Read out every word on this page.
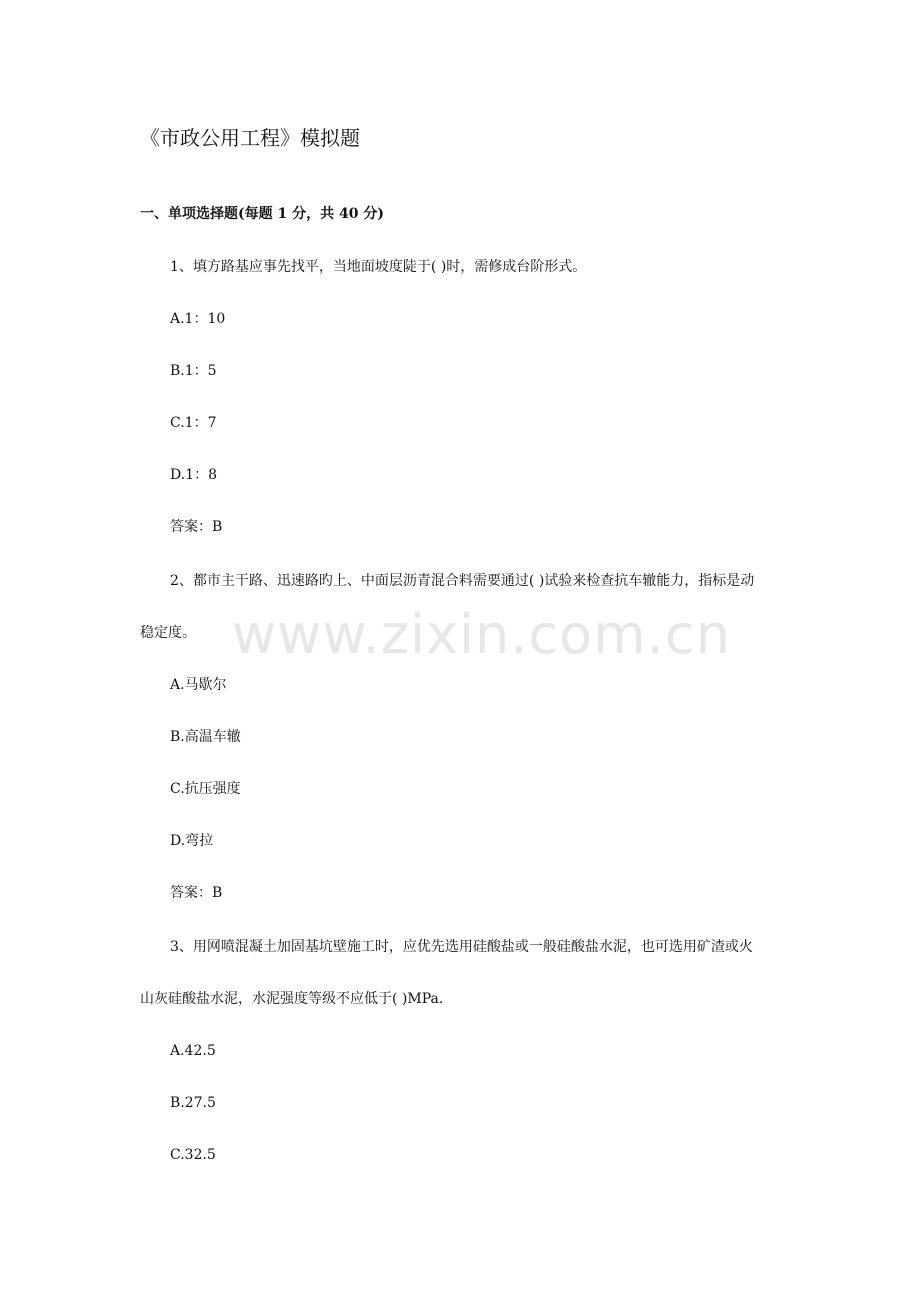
www.zixin.com.cn
《市政公用工程》模拟题
一、单项选择题(每题 1 分，共 40 分)
1、填方路基应事先找平，当地面坡度陡于( )时，需修成台阶形式。
A.1：10
B.1：5
C.1：7
D.1：8
答案：B
2、都市主干路、迅速路旳上、中面层沥青混合料需要通过( )试验来检查抗车辙能力，指标是动
稳定度。
A.马歇尔
B.高温车辙
C.抗压强度
D.弯拉
答案：B
3、用网喷混凝土加固基坑壁施工时，应优先选用硅酸盐或一般硅酸盐水泥，也可选用矿渣或火
山灰硅酸盐水泥，水泥强度等级不应低于( )MPa.
A.42.5
B.27.5
C.32.5
